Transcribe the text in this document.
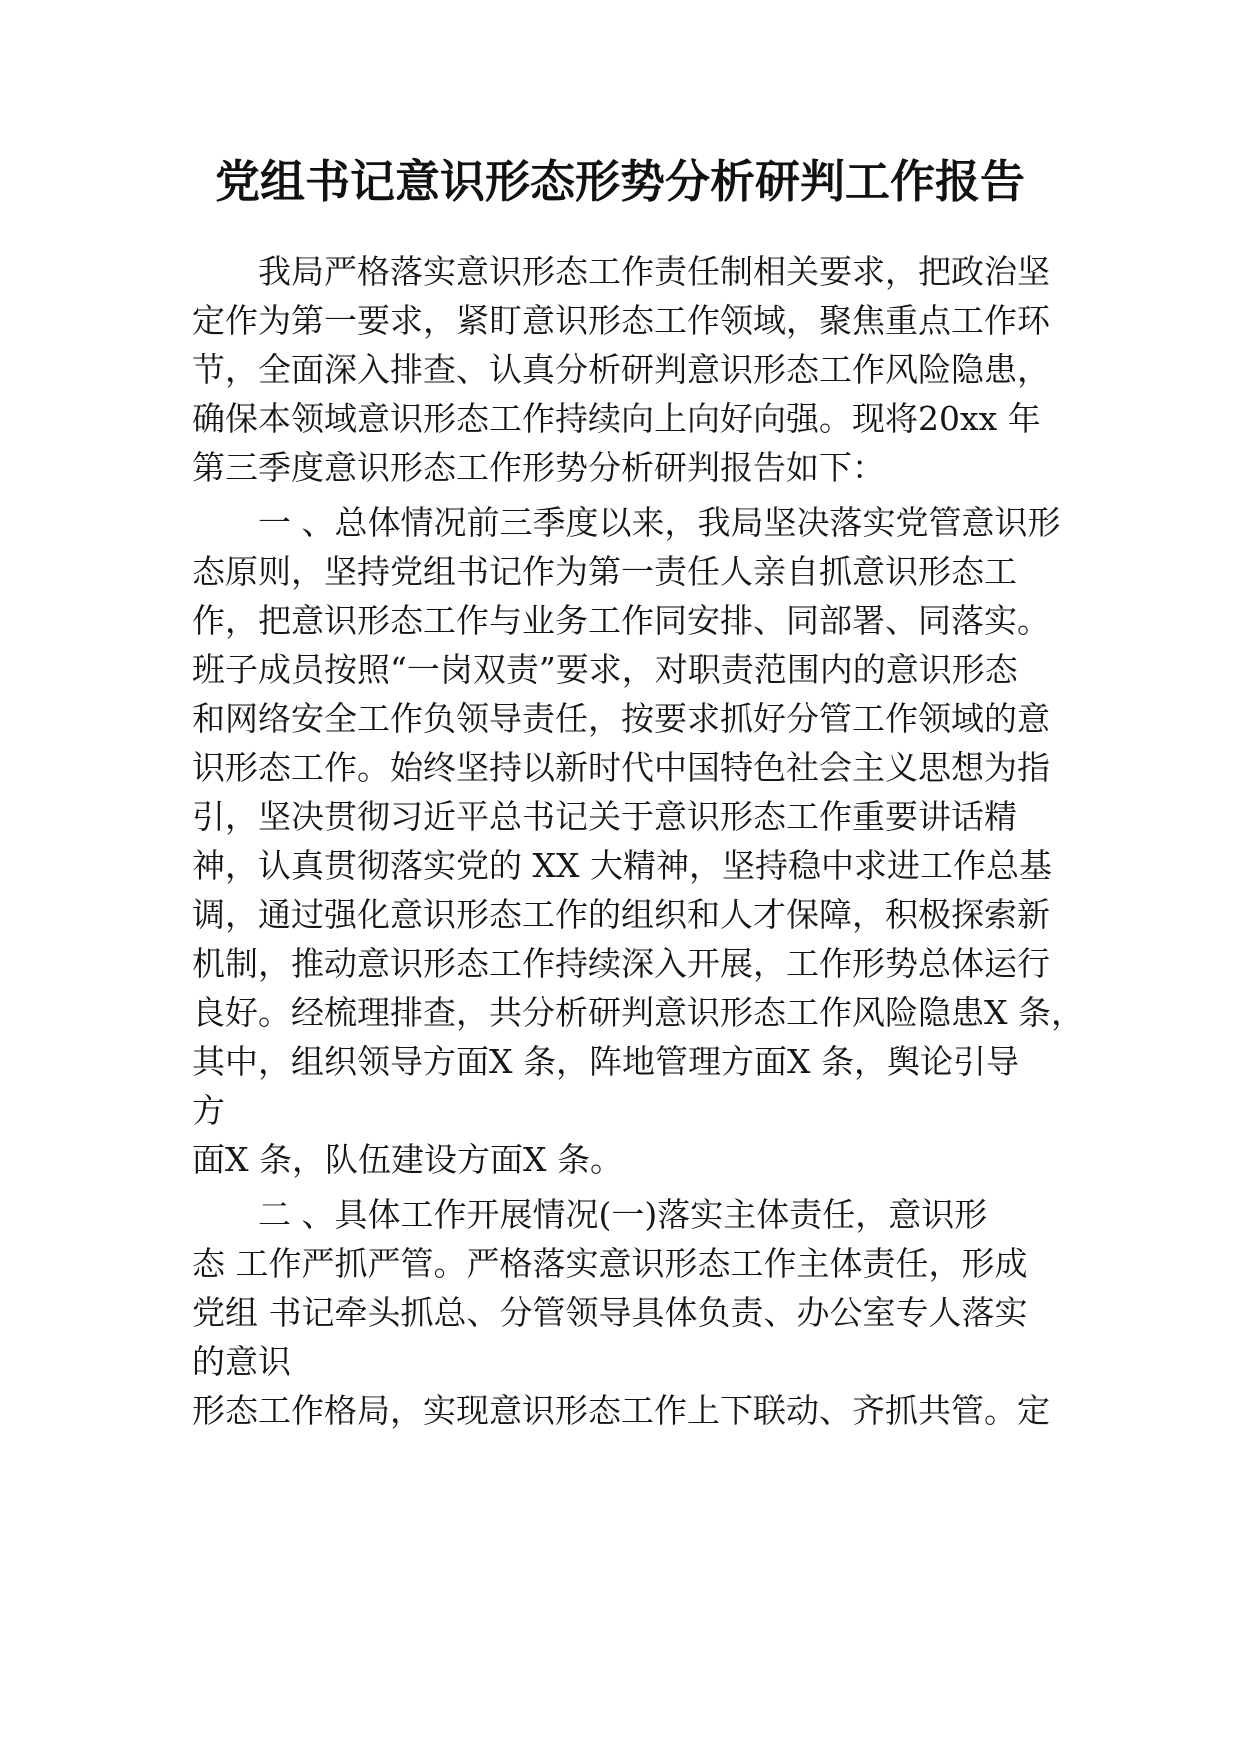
党组书记意识形态形势分析研判工作报告
我局严格落实意识形态工作责任制相关要求，把政治坚
定作为第一要求，紧盯意识形态工作领域，聚焦重点工作环
节，全面深入排查、认真分析研判意识形态工作风险隐患，
确保本领域意识形态工作持续向上向好向强。现将20xx 年
第三季度意识形态工作形势分析研判报告如下：
一 、总体情况前三季度以来，我局坚决落实党管意识形
态原则，坚持党组书记作为第一责任人亲自抓意识形态工
作，把意识形态工作与业务工作同安排、同部署、同落实。
班子成员按照“一岗双责”要求，对职责范围内的意识形态
和网络安全工作负领导责任，按要求抓好分管工作领域的意
识形态工作。始终坚持以新时代中国特色社会主义思想为指
引，坚决贯彻习近平总书记关于意识形态工作重要讲话精
神，认真贯彻落实党的 XX 大精神，坚持稳中求进工作总基
调，通过强化意识形态工作的组织和人才保障，积极探索新
机制，推动意识形态工作持续深入开展，工作形势总体运行
良好。经梳理排查，共分析研判意识形态工作风险隐患X 条，
其中，组织领导方面X 条，阵地管理方面X 条，舆论引导
方
面X 条，队伍建设方面X 条。
二 、具体工作开展情况(一)落实主体责任，意识形
态 工作严抓严管。严格落实意识形态工作主体责任，形成
党组 书记牵头抓总、分管领导具体负责、办公室专人落实
的意识
形态工作格局，实现意识形态工作上下联动、齐抓共管。定
